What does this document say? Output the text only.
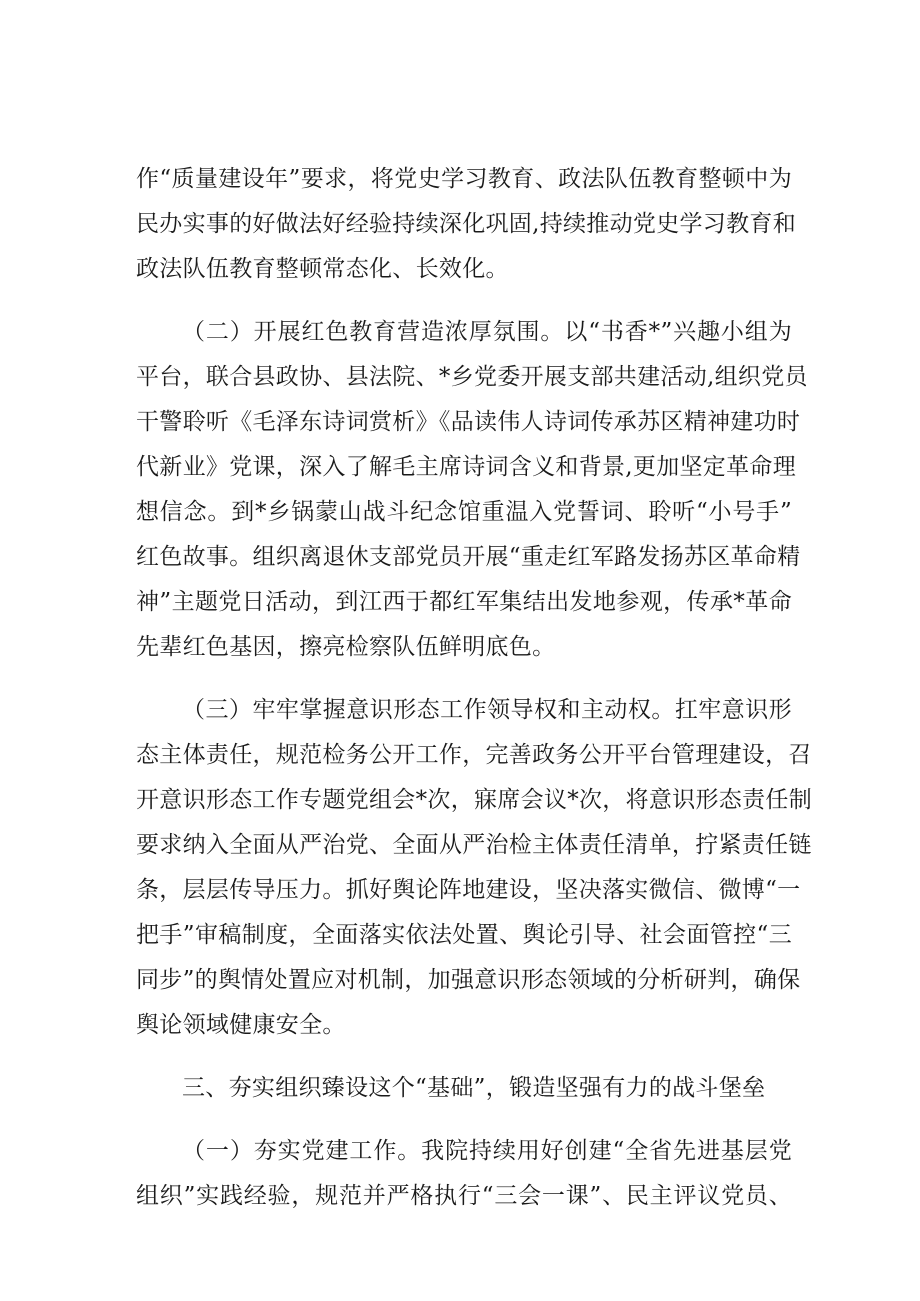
作“质量建设年”要求，将党史学习教育、政法队伍教育整顿中为
民办实事的好做法好经验持续深化巩固,持续推动党史学习教育和
政法队伍教育整顿常态化、长效化。
（二）开展红色教育营造浓厚氛围。以“书香*”兴趣小组为
平台，联合县政协、县法院、*乡党委开展支部共建活动,组织党员
干警聆听《毛泽东诗词赏析》《品读伟人诗词传承苏区精神建功时
代新业》党课，深入了解毛主席诗词含义和背景,更加坚定革命理
想信念。到*乡锅蒙山战斗纪念馆重温入党誓词、聆听“小号手”
红色故事。组织离退休支部党员开展“重走红军路发扬苏区革命精
神”主题党日活动，到江西于都红军集结出发地参观，传承*革命
先辈红色基因，擦亮检察队伍鲜明底色。
（三）牢牢掌握意识形态工作领导权和主动权。扛牢意识形
态主体责任，规范检务公开工作，完善政务公开平台管理建设，召
开意识形态工作专题党组会*次，寐席会议*次，将意识形态责任制
要求纳入全面从严治党、全面从严治检主体责任清单，拧紧责任链
条，层层传导压力。抓好舆论阵地建设，坚决落实微信、微博“一
把手”审稿制度，全面落实依法处置、舆论引导、社会面管控“三
同步”的舆情处置应对机制，加强意识形态领域的分析研判，确保
舆论领域健康安全。
三、夯实组织臻设这个“基础”，锻造坚强有力的战斗堡垒
（一）夯实党建工作。我院持续用好创建“全省先进基层党
组织”实践经验，规范并严格执行“三会一课”、民主评议党员、
